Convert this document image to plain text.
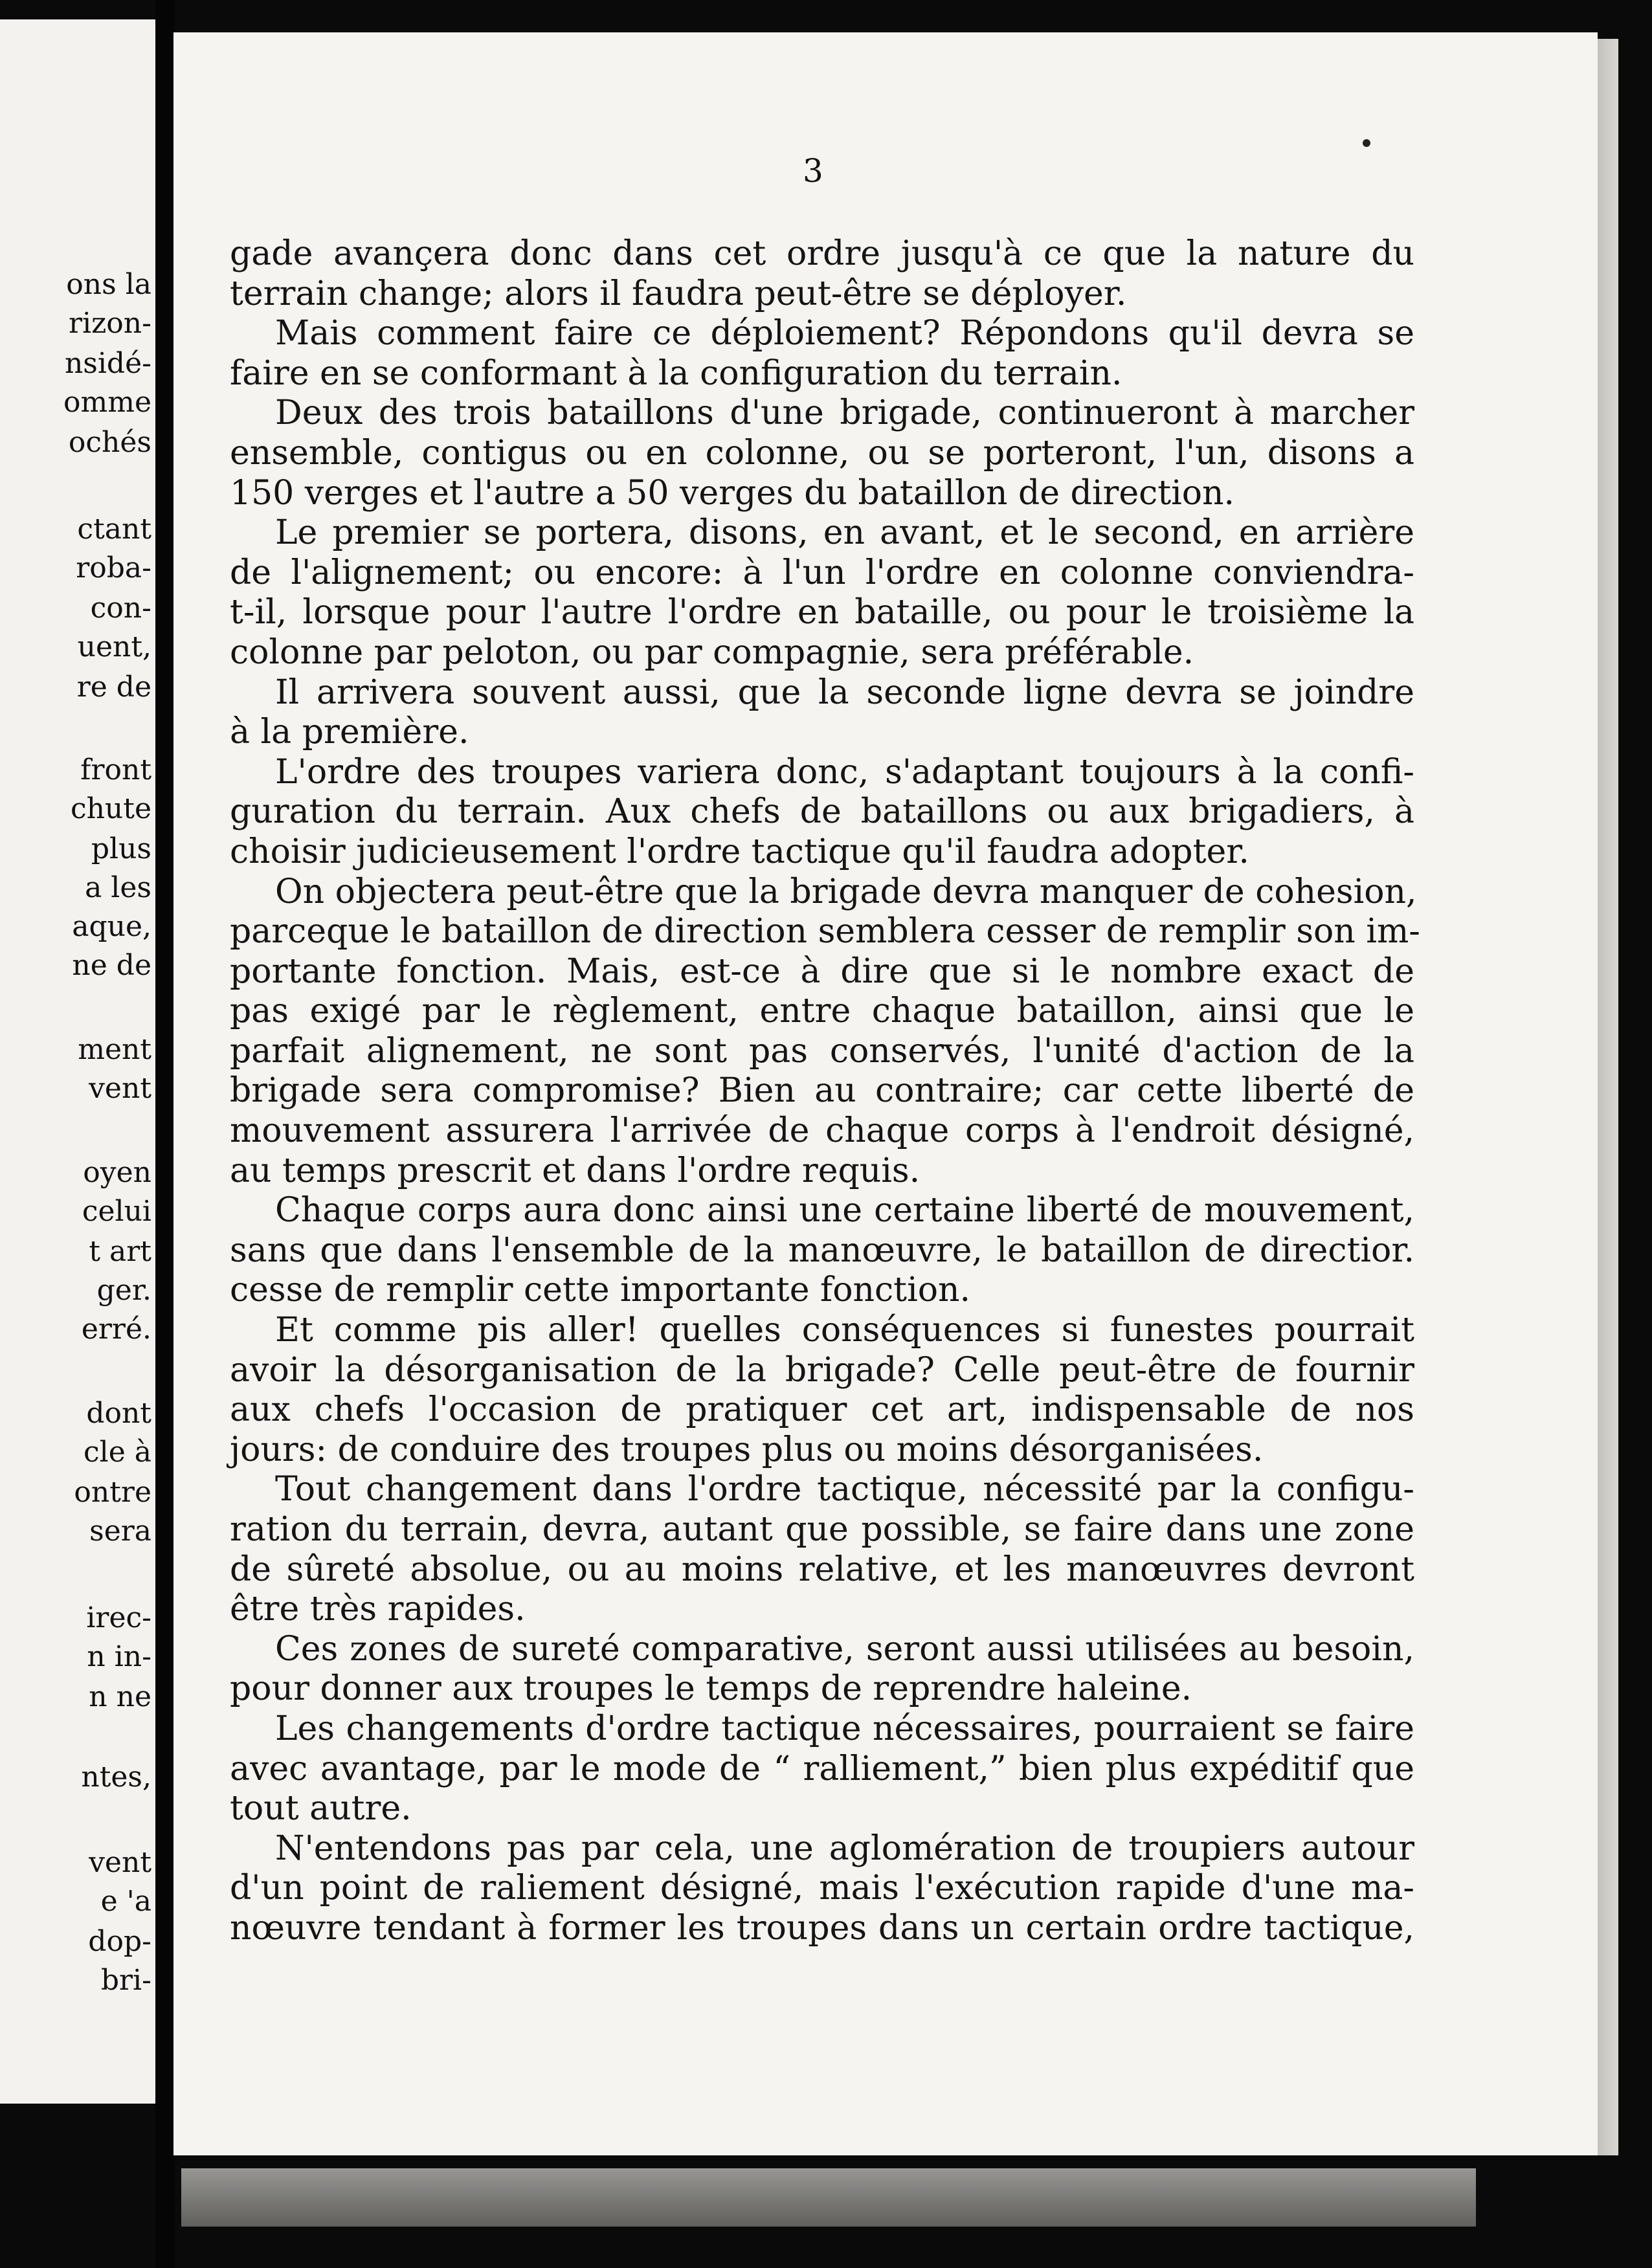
ons la
rizon-
nsidé-
omme
ochés
ctant
roba-
con-
uent,
re de
front
chute
plus
a les
aque,
ne de
ment
vent
oyen
celui
t art
ger.
erré.
dont
cle à
ontre
sera
irec-
n in-
n ne
ntes,
vent
e 'a
dop-
bri-
3
gade avançera donc dans cet ordre jusqu'à ce que la nature du
terrain change; alors il faudra peut-être se déployer.
Mais comment faire ce déploiement? Répondons qu'il devra se
faire en se conformant à la configuration du terrain.
Deux des trois bataillons d'une brigade, continueront à marcher
ensemble, contigus ou en colonne, ou se porteront, l'un, disons a
150 verges et l'autre a 50 verges du bataillon de direction.
Le premier se portera, disons, en avant, et le second, en arrière
de l'alignement; ou encore: à l'un l'ordre en colonne conviendra-
t-il, lorsque pour l'autre l'ordre en bataille, ou pour le troisième la
colonne par peloton, ou par compagnie, sera préférable.
Il arrivera souvent aussi, que la seconde ligne devra se joindre
à la première.
L'ordre des troupes variera donc, s'adaptant toujours à la confi-
guration du terrain. Aux chefs de bataillons ou aux brigadiers, à
choisir judicieusement l'ordre tactique qu'il faudra adopter.
On objectera peut-être que la brigade devra manquer de cohesion,
parceque le bataillon de direction semblera cesser de remplir son im-
portante fonction. Mais, est-ce à dire que si le nombre exact de
pas exigé par le règlement, entre chaque bataillon, ainsi que le
parfait alignement, ne sont pas conservés, l'unité d'action de la
brigade sera compromise? Bien au contraire; car cette liberté de
mouvement assurera l'arrivée de chaque corps à l'endroit désigné,
au temps prescrit et dans l'ordre requis.
Chaque corps aura donc ainsi une certaine liberté de mouvement,
sans que dans l'ensemble de la manœuvre, le bataillon de directior.
cesse de remplir cette importante fonction.
Et comme pis aller! quelles conséquences si funestes pourrait
avoir la désorganisation de la brigade? Celle peut-être de fournir
aux chefs l'occasion de pratiquer cet art, indispensable de nos
jours: de conduire des troupes plus ou moins désorganisées.
Tout changement dans l'ordre tactique, nécessité par la configu-
ration du terrain, devra, autant que possible, se faire dans une zone
de sûreté absolue, ou au moins relative, et les manœuvres devront
être très rapides.
Ces zones de sureté comparative, seront aussi utilisées au besoin,
pour donner aux troupes le temps de reprendre haleine.
Les changements d'ordre tactique nécessaires, pourraient se faire
avec avantage, par le mode de “ ralliement,” bien plus expéditif que
tout autre.
N'entendons pas par cela, une aglomération de troupiers autour
d'un point de raliement désigné, mais l'exécution rapide d'une ma-
nœuvre tendant à former les troupes dans un certain ordre tactique,
